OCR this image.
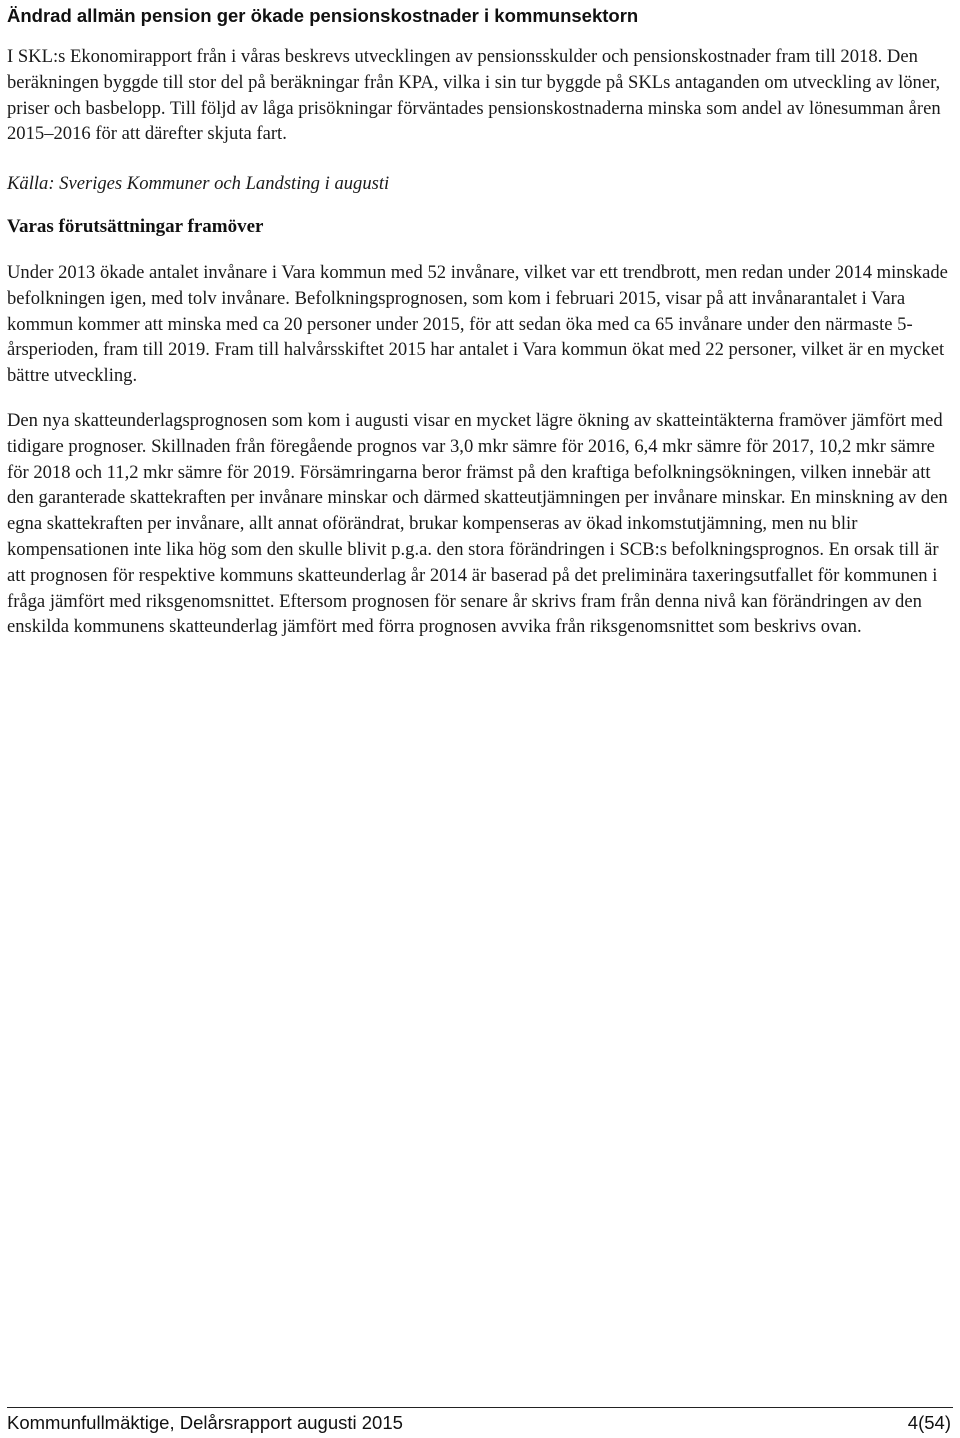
Ändrad allmän pension ger ökade pensionskostnader i kommunsektorn

I SKL:s Ekonomirapport från i våras beskrevs utvecklingen av pensionsskulder och pensionskostnader fram till 2018. Den beräkningen byggde till stor del på beräkningar från KPA, vilka i sin tur byggde på SKLs antaganden om utveckling av löner, priser och basbelopp. Till följd av låga prisökningar förväntades pensionskostnaderna minska som andel av lönesumman åren 2015–2016 för att därefter skjuta fart.

Källa: Sveriges Kommuner och Landsting i augusti

Varas förutsättningar framöver

Under 2013 ökade antalet invånare i Vara kommun med 52 invånare, vilket var ett trendbrott, men redan under 2014 minskade befolkningen igen, med tolv invånare. Befolkningsprognosen, som kom i februari 2015, visar på att invånarantalet i Vara kommun kommer att minska med ca 20 personer under 2015, för att sedan öka med ca 65 invånare under den närmaste 5-årsperioden, fram till 2019. Fram till halvårsskiftet 2015 har antalet i Vara kommun ökat med 22 personer, vilket är en mycket bättre utveckling.

Den nya skatteunderlagsprognosen som kom i augusti visar en mycket lägre ökning av skatteintäkterna framöver jämfört med tidigare prognoser. Skillnaden från föregående prognos var 3,0 mkr sämre för 2016, 6,4 mkr sämre för 2017, 10,2 mkr sämre för 2018 och 11,2 mkr sämre för 2019. Försämringarna beror främst på den kraftiga befolkningsökningen, vilken innebär att den garanterade skattekraften per invånare minskar och därmed skatteutjämningen per invånare minskar. En minskning av den egna skattekraften per invånare, allt annat oförändrat, brukar kompenseras av ökad inkomstutjämning, men nu blir kompensationen inte lika hög som den skulle blivit p.g.a. den stora förändringen i SCB:s befolkningsprognos. En orsak till är att prognosen för respektive kommuns skatteunderlag år 2014 är baserad på det preliminära taxeringsutfallet för kommunen i fråga jämfört med riksgenomsnittet. Eftersom prognosen för senare år skrivs fram från denna nivå kan förändringen av den enskilda kommunens skatteunderlag jämfört med förra prognosen avvika från riksgenomsnittet som beskrivs ovan.

Kommunfullmäktige, Delårsrapport augusti 2015	4(54)
